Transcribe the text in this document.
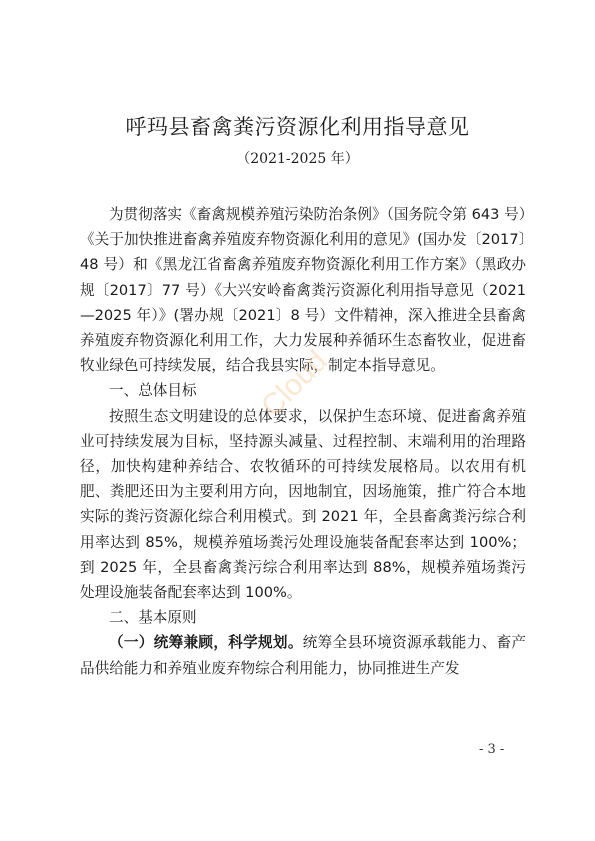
呼玛县畜禽粪污资源化利用指导意见
（2021-2025 年）

为贯彻落实《畜禽规模养殖污染防治条例》（国务院令第 643 号）《关于加快推进畜禽养殖废弃物资源化利用的意见》(国办发〔2017〕48 号）和《黑龙江省畜禽养殖废弃物资源化利用工作方案》（黑政办规〔2017〕77 号）《大兴安岭畜禽粪污资源化利用指导意见（2021—2025 年）》(署办规〔2021〕8 号）文件精神，深入推进全县畜禽养殖废弃物资源化利用工作，大力发展种养循环生态畜牧业，促进畜牧业绿色可持续发展，结合我县实际，制定本指导意见。

一、总体目标

按照生态文明建设的总体要求，以保护生态环境、促进畜禽养殖业可持续发展为目标，坚持源头减量、过程控制、末端利用的治理路径，加快构建种养结合、农牧循环的可持续发展格局。以农用有机肥、粪肥还田为主要利用方向，因地制宜，因场施策，推广符合本地实际的粪污资源化综合利用模式。到 2021 年，全县畜禽粪污综合利用率达到 85%，规模养殖场粪污处理设施装备配套率达到 100%；到 2025 年，全县畜禽粪污综合利用率达到 88%，规模养殖场粪污处理设施装备配套率达到 100%。

二、基本原则

（一）统筹兼顾，科学规划。统筹全县环境资源承载能力、畜产品供给能力和养殖业废弃物综合利用能力，协同推进生产发

Cloud
- 3 -
